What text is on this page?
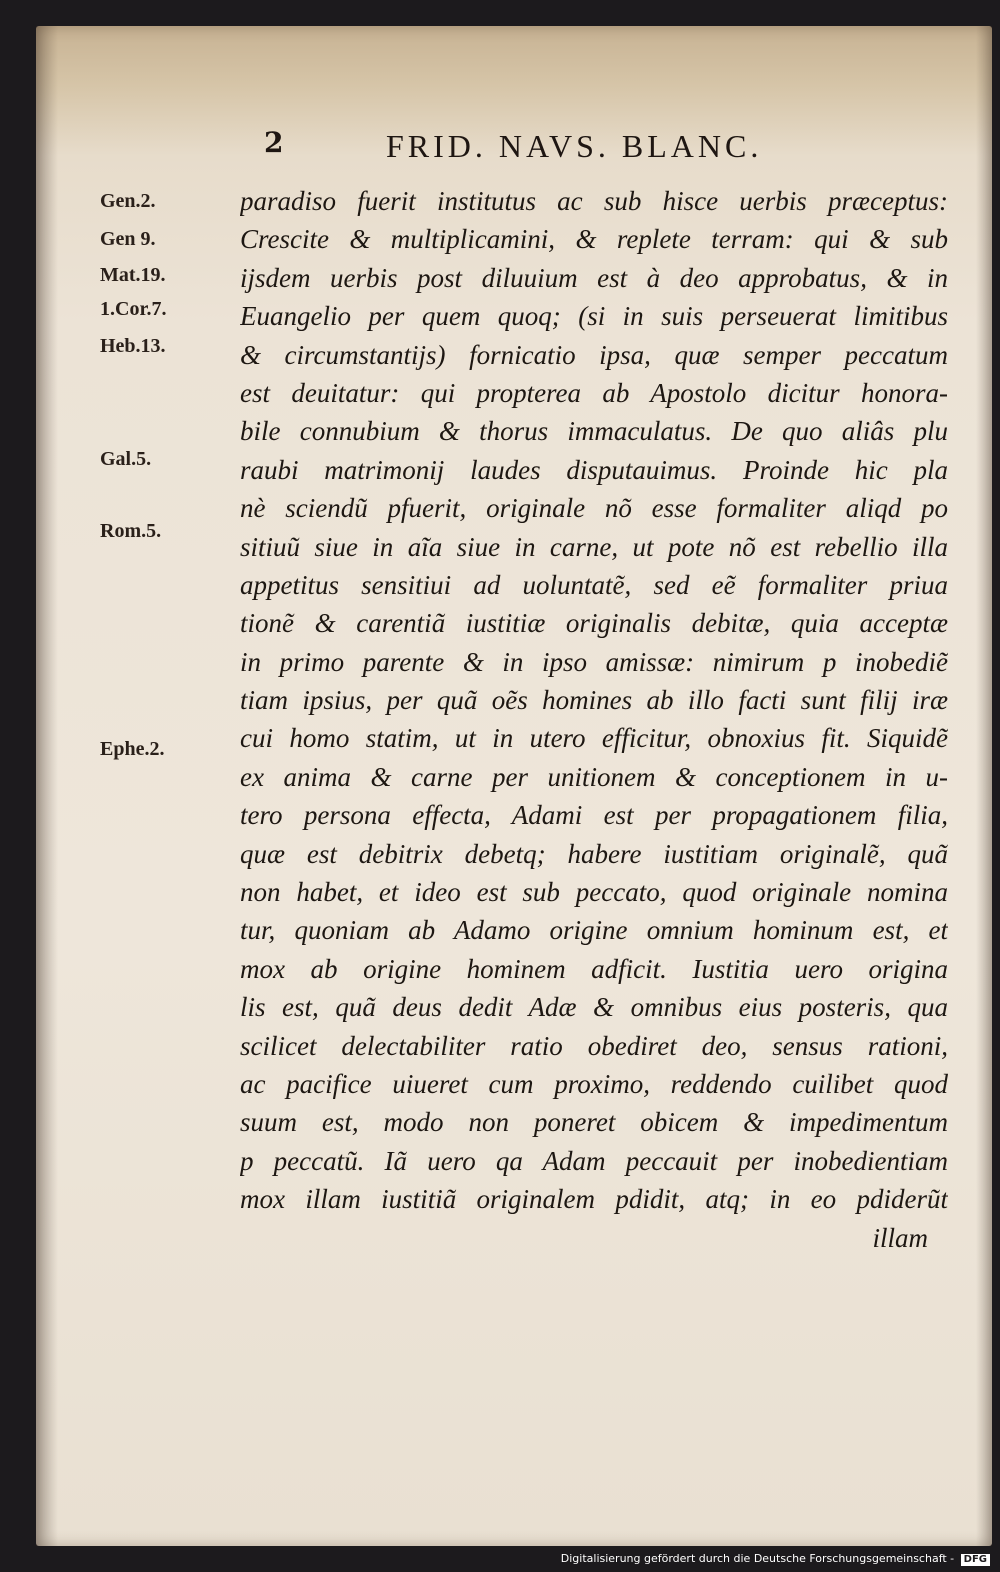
2	FRID. NAVS. BLANC.
Gen.2.
Gen 9.
Mat.19.
1.Cor.7.
Heb.13.
Gal.5.
Rom.5.
Ephe.2.
paradiso fuerit institutus ac sub hisce uerbis præceptus:
Crescite & multiplicamini, & replete terram: qui & sub
ijsdem uerbis post diluuium est à deo approbatus, & in
Euangelio per quem quoq; (si in suis perseuerat limitibus
& circumstantijs) fornicatio ipsa, quæ semper peccatum
est deuitatur: qui propterea ab Apostolo dicitur honora-
bile connubium & thorus immaculatus. De quo aliâs plu
raubi matrimonij laudes disputauimus. Proinde hic pla
nè sciendũ pfuerit, originale nõ esse formaliter aliqd po
sitiuũ siue in aĩa siue in carne, ut pote nõ est rebellio illa
appetitus sensitiui ad uoluntatẽ, sed eẽ formaliter priua
tionẽ & carentiã iustitiæ originalis debitæ, quia acceptæ
in primo parente & in ipso amissæ: nimirum p inobediẽ
tiam ipsius, per quã oẽs homines ab illo facti sunt filij iræ
cui homo statim, ut in utero efficitur, obnoxius fit. Siquidẽ
ex anima & carne per unitionem & conceptionem in u-
tero persona effecta, Adami est per propagationem filia,
quæ est debitrix debetq; habere iustitiam originalẽ, quã
non habet, et ideo est sub peccato, quod originale nomina
tur, quoniam ab Adamo origine omnium hominum est, et
mox ab origine hominem adficit. Iustitia uero origina
lis est, quã deus dedit Adæ & omnibus eius posteris, qua
scilicet delectabiliter ratio obediret deo, sensus rationi,
ac pacifice uiueret cum proximo, reddendo cuilibet quod
suum est, modo non poneret obicem & impedimentum
p peccatũ. Iã uero qa Adam peccauit per inobedientiam
mox illam iustitiã originalem pdidit, atq; in eo pdiderũt
illam
Digitalisierung gefördert durch die Deutsche Forschungsgemeinschaft - DFG
